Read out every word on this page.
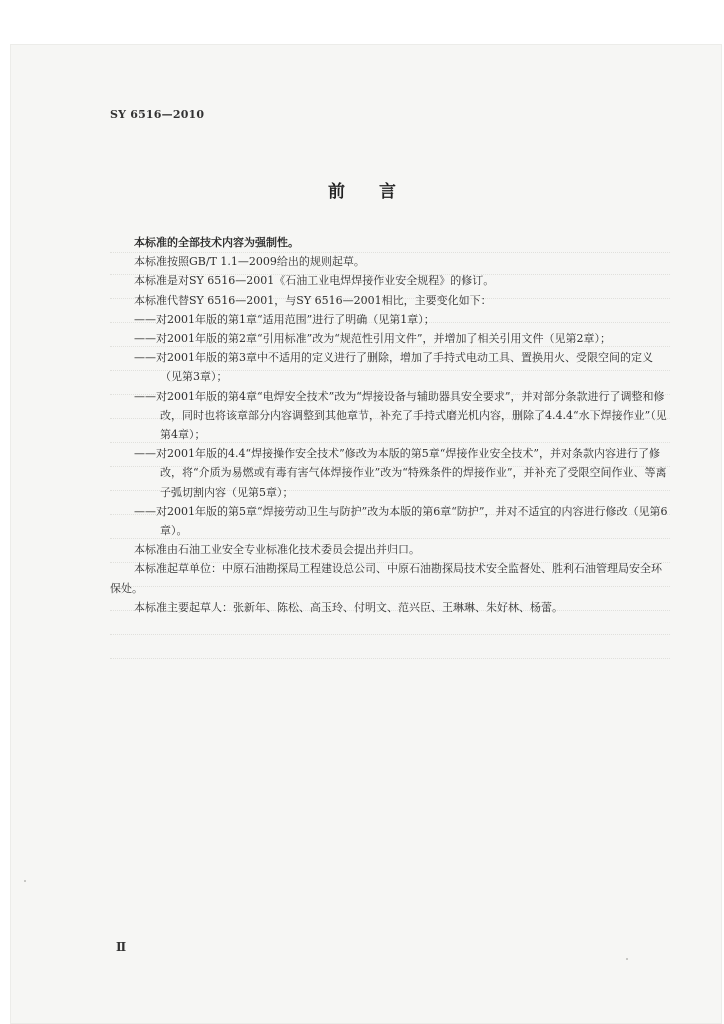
SY 6516—2010
前言

本标准的全部技术内容为强制性。

本标准按照GB/T 1.1—2009给出的规则起草。

本标准是对SY 6516—2001《石油工业电焊焊接作业安全规程》的修订。

本标准代替SY 6516—2001，与SY 6516—2001相比，主要变化如下：

——对2001年版的第1章“适用范围”进行了明确（见第1章）；

——对2001年版的第2章“引用标准”改为“规范性引用文件”，并增加了相关引用文件（见第2章）；

——对2001年版的第3章中不适用的定义进行了删除，增加了手持式电动工具、置换用火、受限空间的定义（见第3章）；

——对2001年版的第4章“电焊安全技术”改为“焊接设备与辅助器具安全要求”，并对部分条款进行了调整和修改，同时也将该章部分内容调整到其他章节，补充了手持式磨光机内容，删除了4.4.4“水下焊接作业”（见第4章）；

——对2001年版的4.4“焊接操作安全技术”修改为本版的第5章“焊接作业安全技术”，并对条款内容进行了修改，将“介质为易燃或有毒有害气体焊接作业”改为“特殊条件的焊接作业”，并补充了受限空间作业、等离子弧切割内容（见第5章）；

——对2001年版的第5章“焊接劳动卫生与防护”改为本版的第6章“防护”，并对不适宜的内容进行修改（见第6章）。

本标准由石油工业安全专业标准化技术委员会提出并归口。

本标准起草单位：中原石油勘探局工程建设总公司、中原石油勘探局技术安全监督处、胜利石油管理局安全环保处。

本标准主要起草人：张新年、陈松、高玉玲、付明文、范兴臣、王琳琳、朱好林、杨蕾。

Ⅱ
